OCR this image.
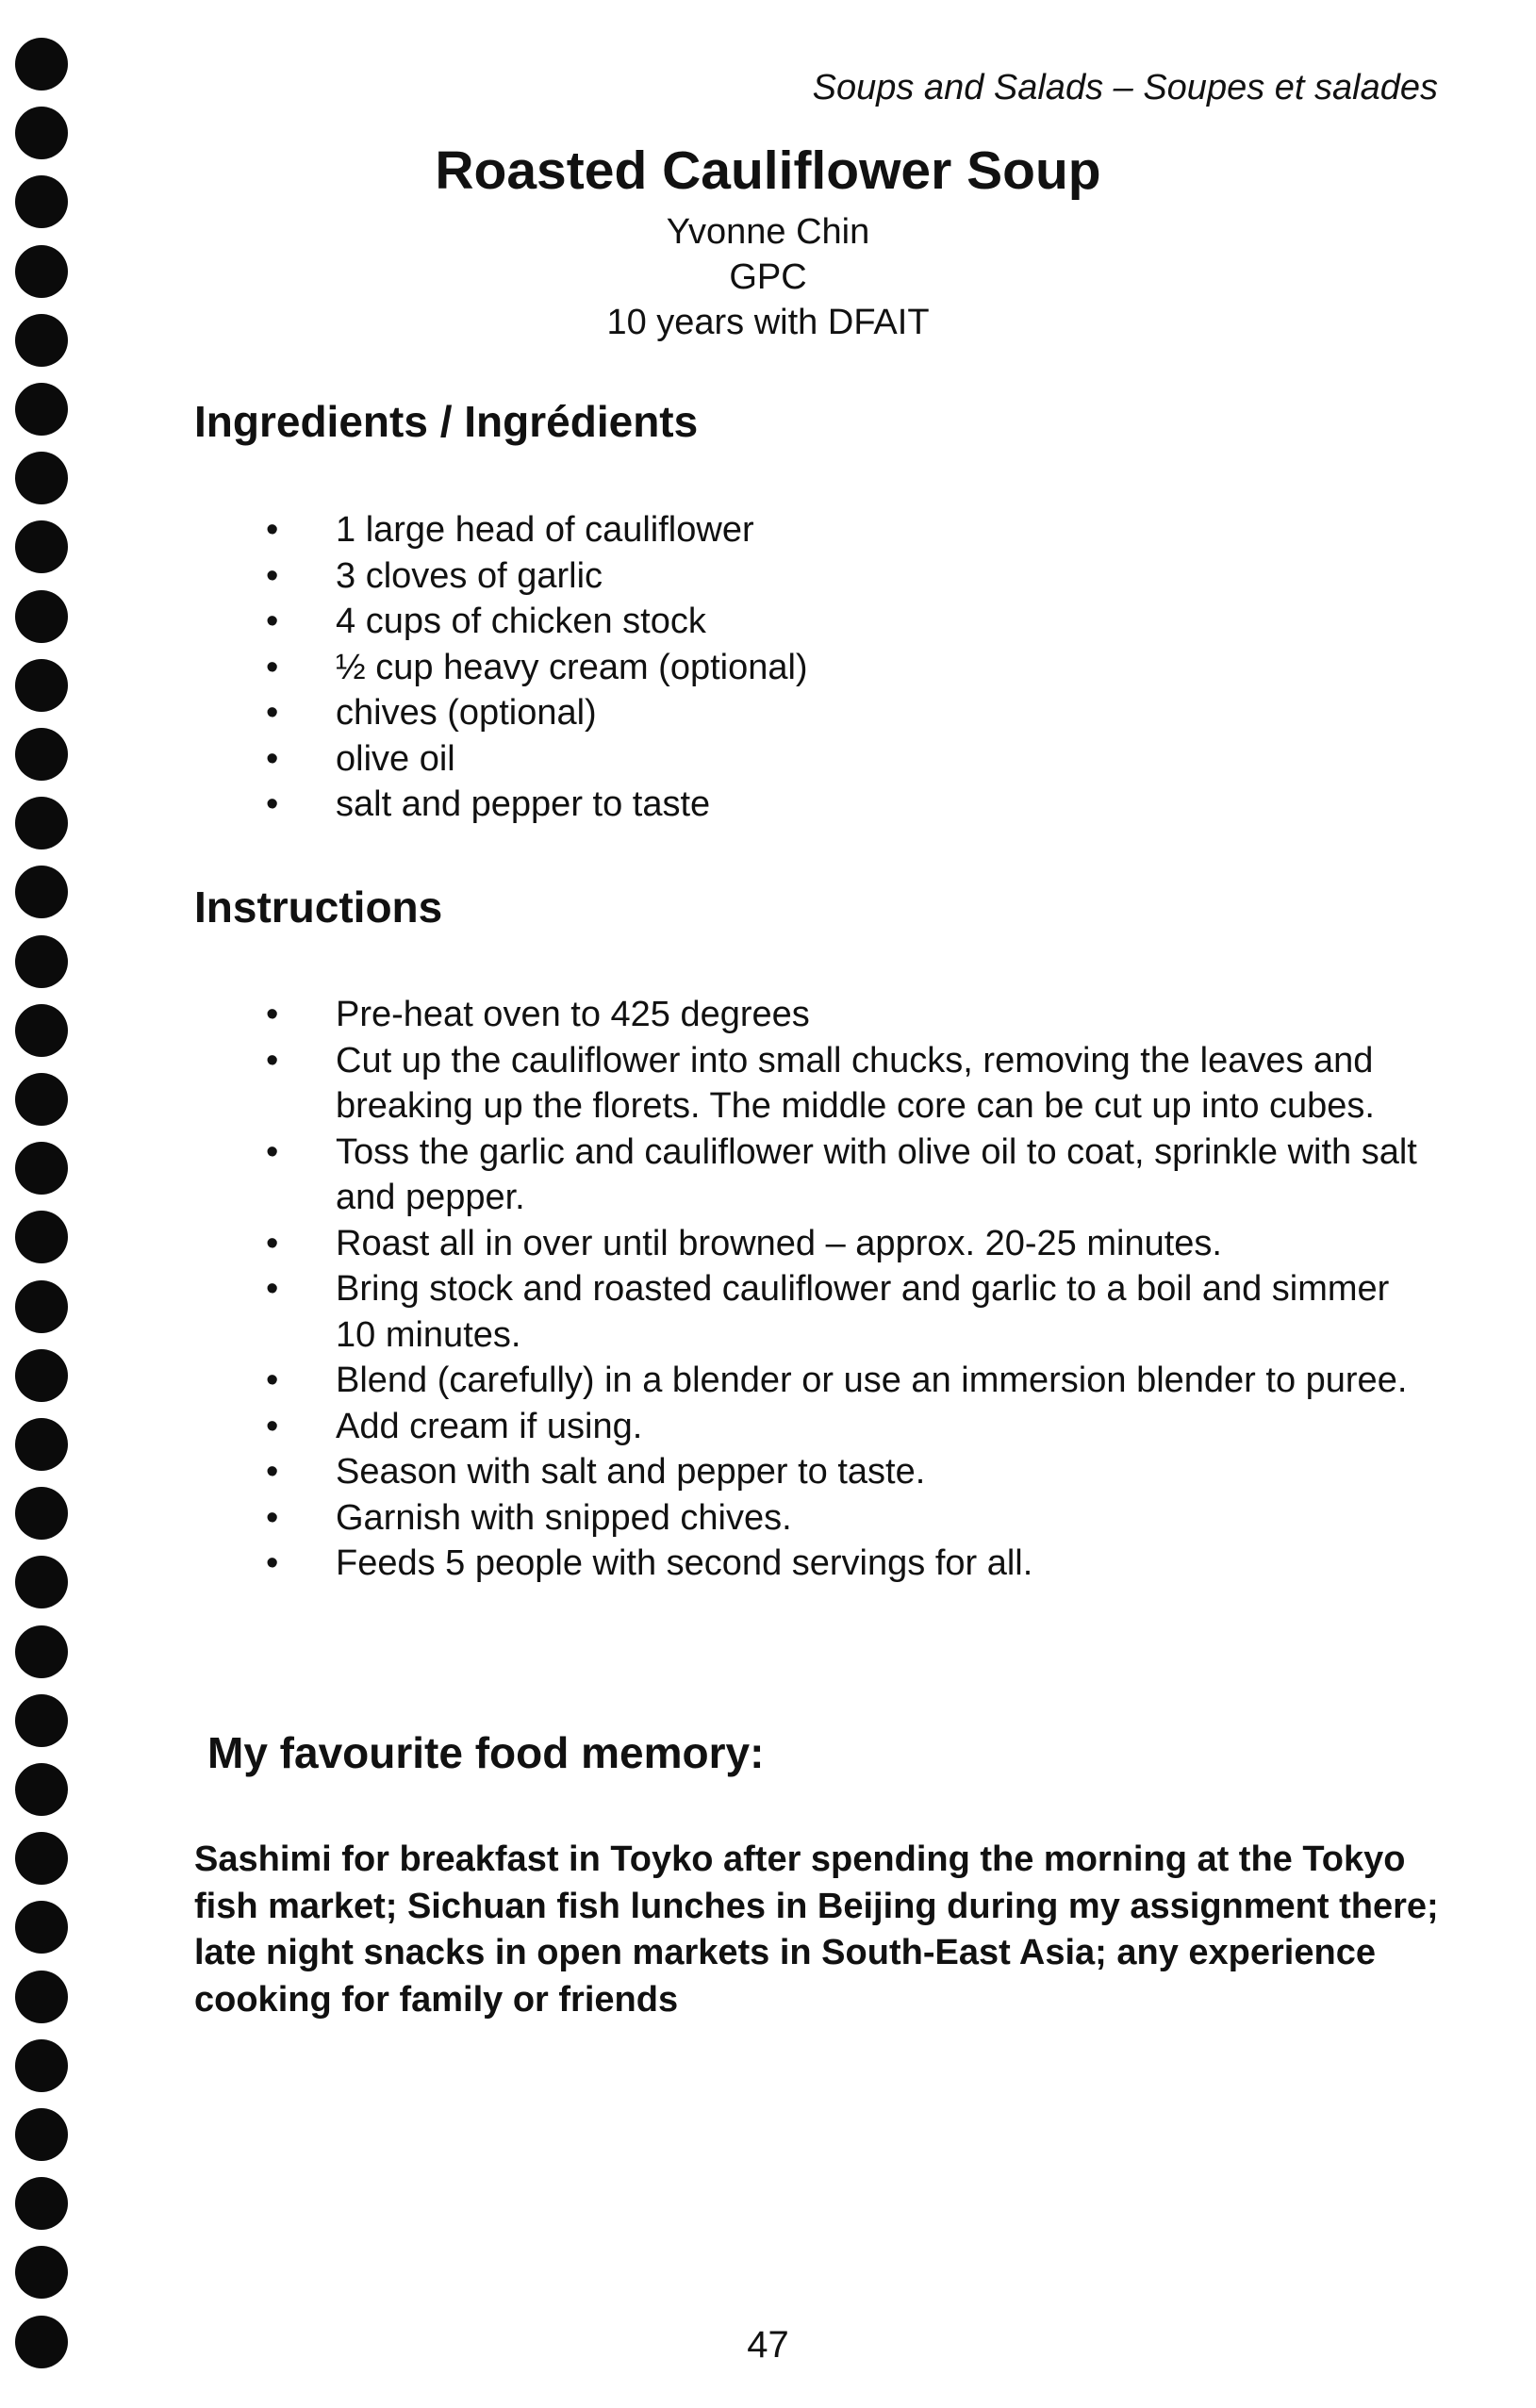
Soups and Salads – Soupes et salades

Roasted Cauliflower Soup
Yvonne Chin
GPC
10 years with DFAIT
Ingredients / Ingrédients
• 1 large head of cauliflower
• 3 cloves of garlic
• 4 cups of chicken stock
• ½ cup heavy cream (optional)
• chives (optional)
• olive oil
• salt and pepper to taste
Instructions
• Pre-heat oven to 425 degrees
• Cut up the cauliflower into small chucks, removing the leaves and breaking up the florets. The middle core can be cut up into cubes.
• Toss the garlic and cauliflower with olive oil to coat, sprinkle with salt and pepper.
• Roast all in over until browned – approx. 20-25 minutes.
• Bring stock and roasted cauliflower and garlic to a boil and simmer 10 minutes.
• Blend (carefully) in a blender or use an immersion blender to puree.
• Add cream if using.
• Season with salt and pepper to taste.
• Garnish with snipped chives.
• Feeds 5 people with second servings for all.
My favourite food memory:

Sashimi for breakfast in Toyko after spending the morning at the Tokyo fish market; Sichuan fish lunches in Beijing during my assignment there; late night snacks in open markets in South-East Asia; any experience cooking for family or friends

47
